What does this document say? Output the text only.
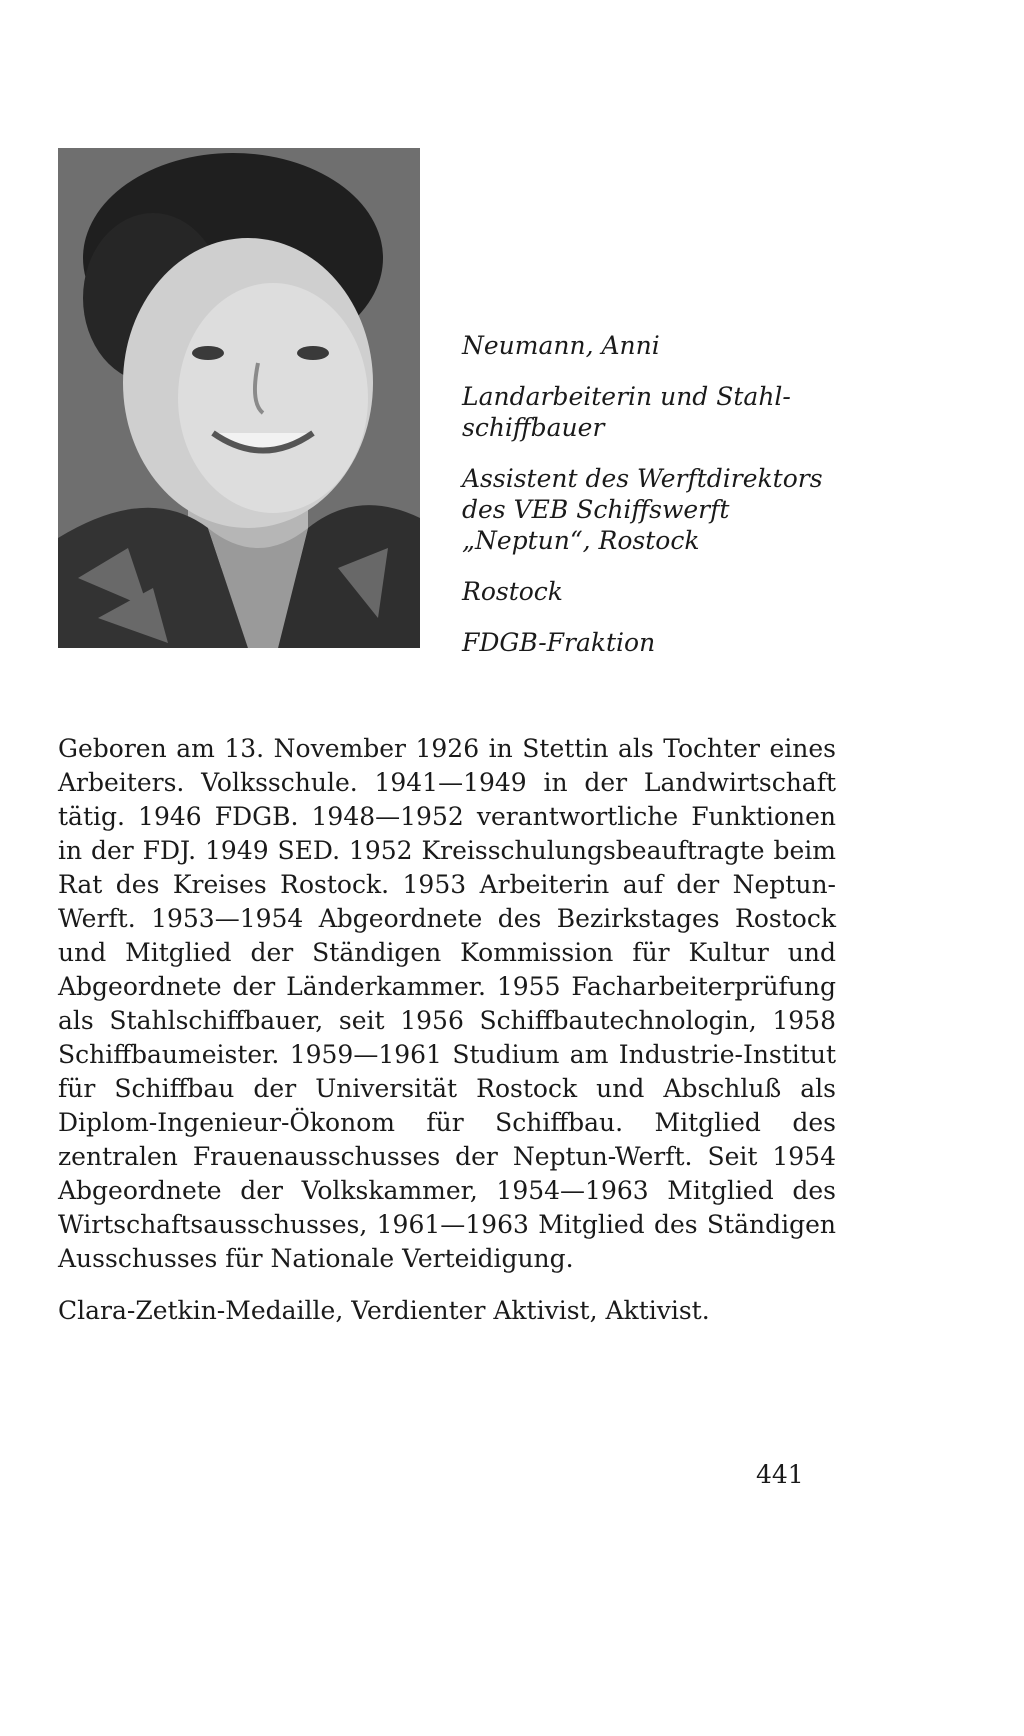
Neumann, Anni

Landarbeiterin und Stahl-
schiffbauer

Assistent des Werftdirektors
des VEB Schiffswerft
„Neptun“, Rostock

Rostock

FDGB-Fraktion

Geboren am 13. November 1926 in Stettin als Tochter eines Arbeiters. Volksschule. 1941—1949 in der Landwirtschaft tätig. 1946 FDGB. 1948—1952 verantwortliche Funktionen in der FDJ. 1949 SED. 1952 Kreisschulungsbeauftragte beim Rat des Kreises Rostock. 1953 Arbeiterin auf der Neptun-Werft. 1953—1954 Abgeordnete des Bezirkstages Rostock und Mitglied der Ständigen Kommission für Kultur und Abgeordnete der Länderkammer. 1955 Facharbeiterprüfung als Stahlschiffbauer, seit 1956 Schiffbautechnologin, 1958 Schiffbaumeister. 1959—1961 Studium am Industrie-Institut für Schiffbau der Universität Rostock und Abschluß als Diplom-Ingenieur-Ökonom für Schiffbau. Mitglied des zentralen Frauenausschusses der Neptun-Werft. Seit 1954 Abgeordnete der Volkskammer, 1954—1963 Mitglied des Wirtschaftsausschusses, 1961—1963 Mitglied des Ständigen Ausschusses für Nationale Verteidigung.

Clara-Zetkin-Medaille, Verdienter Aktivist, Aktivist.

441
